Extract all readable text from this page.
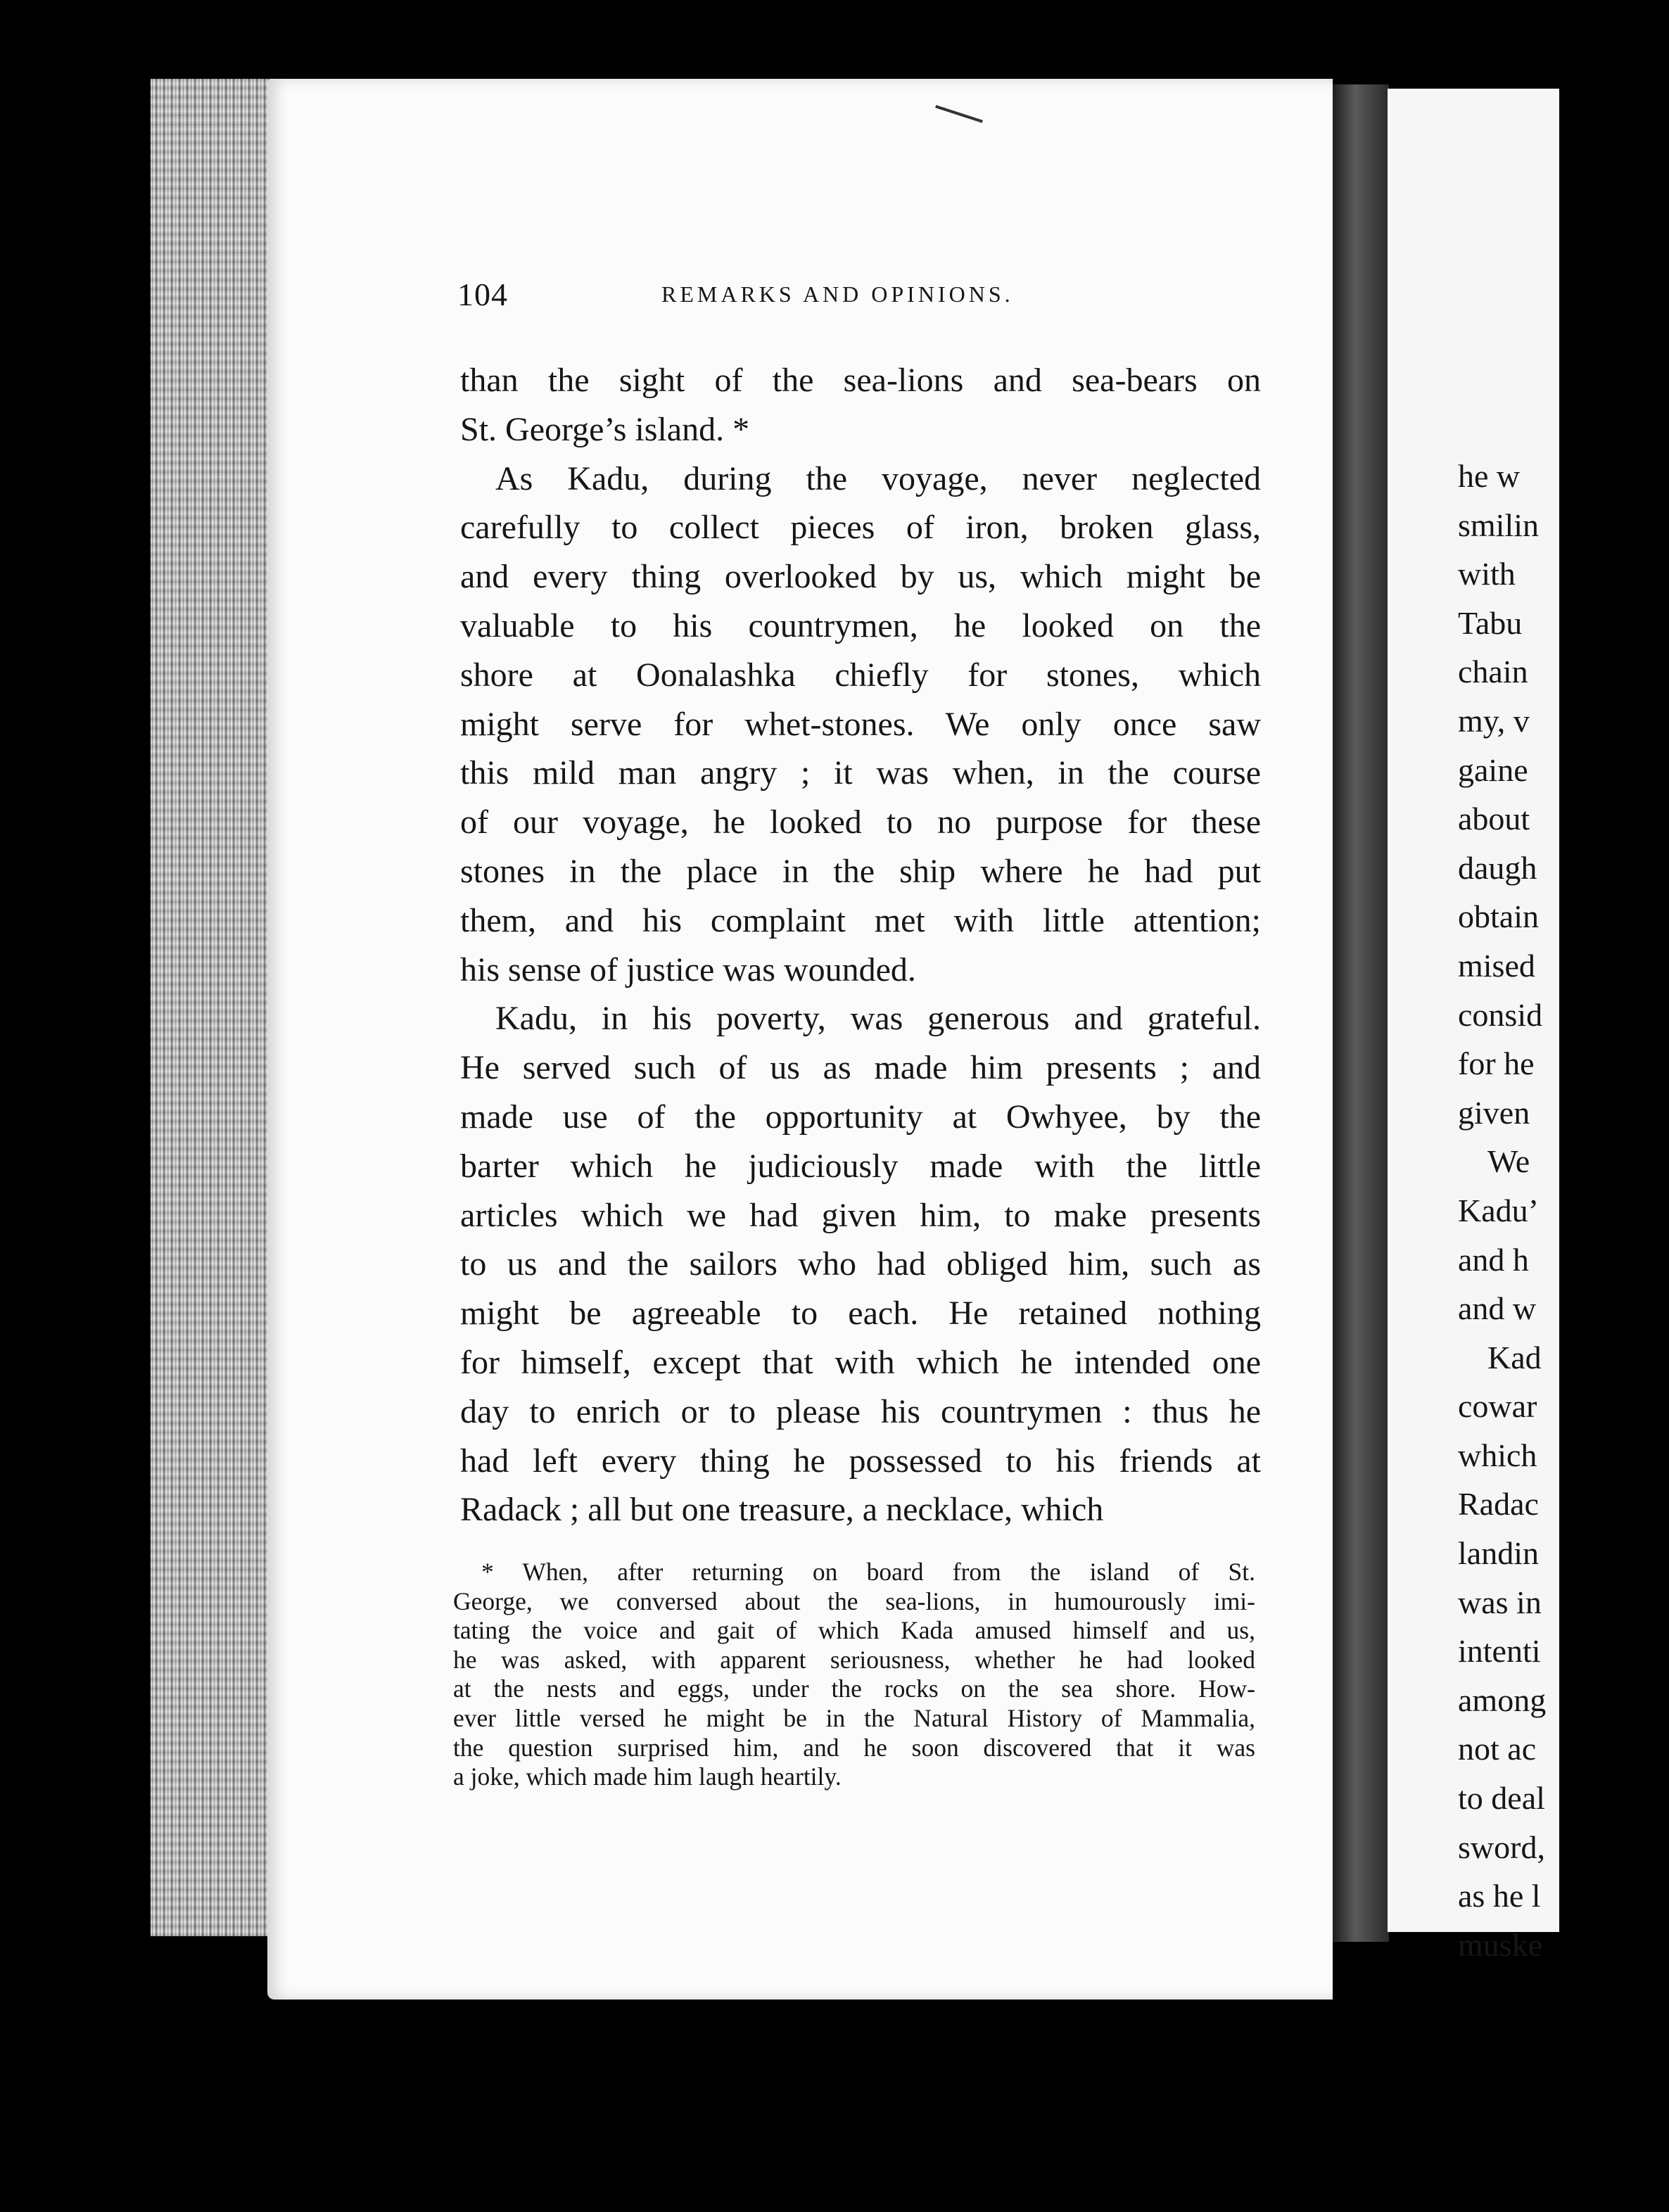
he w
smilin
with
Tabu
chain
my, v
gaine
about
daugh
obtain
mised
consid
for he
given
We
Kadu’
and h
and w
Kad
cowar
which
Radac
landin
was in
intenti
among
not ac
to deal
sword,
as he l
muske
104	REMARKS AND OPINIONS.
than the sight of the sea-lions and sea-bears on
St. George’s island. *
As Kadu, during the voyage, never neglected
carefully to collect pieces of iron, broken glass,
and every thing overlooked by us, which might be
valuable to his countrymen, he looked on the
shore at Oonalashka chiefly for stones, which
might serve for whet-stones. We only once saw
this mild man angry ; it was when, in the course
of our voyage, he looked to no purpose for these
stones in the place in the ship where he had put
them, and his complaint met with little attention;
his sense of justice was wounded.
Kadu, in his poverty, was generous and grateful.
He served such of us as made him presents ; and
made use of the opportunity at Owhyee, by the
barter which he judiciously made with the little
articles which we had given him, to make presents
to us and the sailors who had obliged him, such as
might be agreeable to each. He retained nothing
for himself, except that with which he intended one
day to enrich or to please his countrymen : thus he
had left every thing he possessed to his friends at
Radack ; all but one treasure, a necklace, which
* When, after returning on board from the island of St.
George, we conversed about the sea-lions, in humourously imi-
tating the voice and gait of which Kada amused himself and us,
he was asked, with apparent seriousness, whether he had looked
at the nests and eggs, under the rocks on the sea shore. How-
ever little versed he might be in the Natural History of Mammalia,
the question surprised him, and he soon discovered that it was
a joke, which made him laugh heartily.
